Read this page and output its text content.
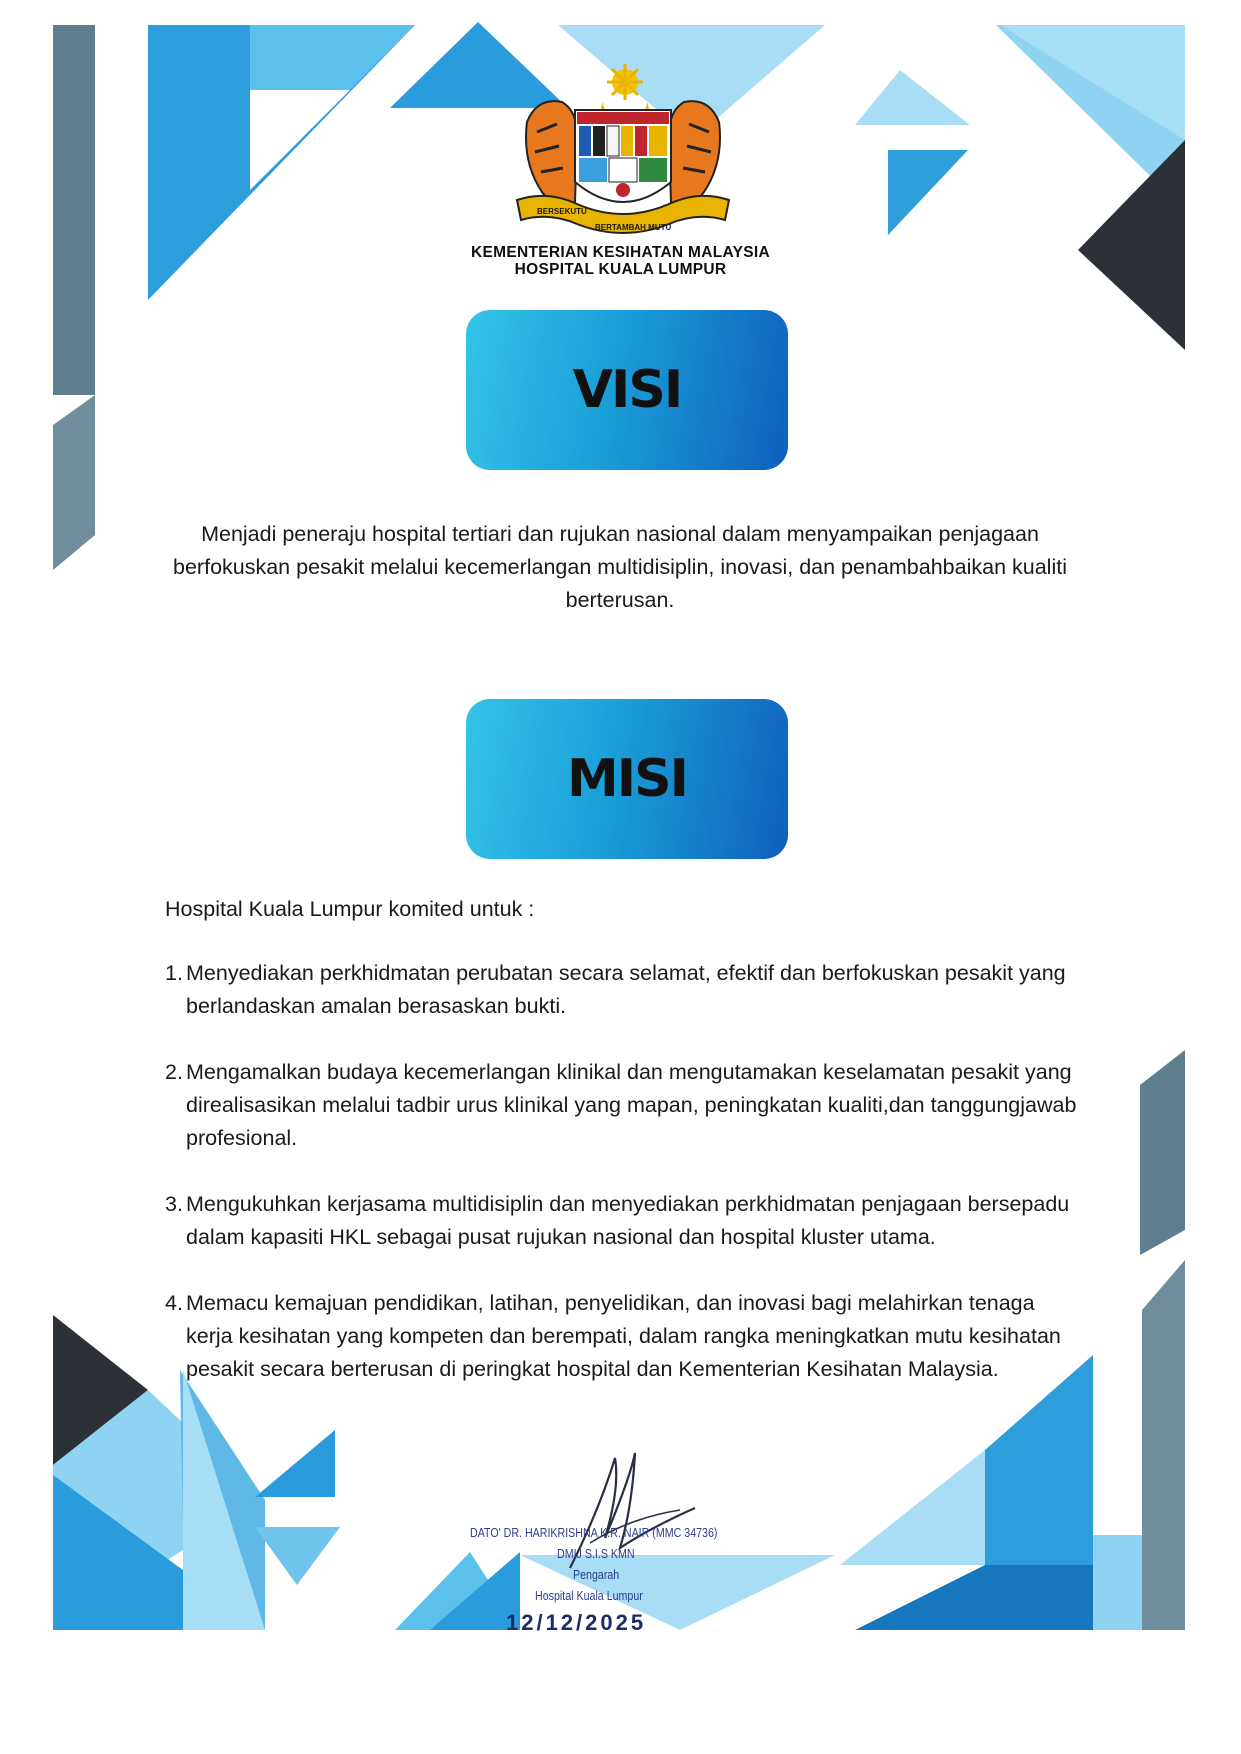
BERSEKUTU
BERTAMBAH MUTU
KEMENTERIAN KESIHATAN MALAYSIA
HOSPITAL KUALA LUMPUR
VISI

Menjadi peneraju hospital tertiari dan rujukan nasional dalam menyampaikan penjagaan berfokuskan pesakit melalui kecemerlangan multidisiplin, inovasi, dan penambahbaikan kualiti berterusan.

MISI

Hospital Kuala Lumpur komited untuk :

1. Menyediakan perkhidmatan perubatan secara selamat, efektif dan berfokuskan pesakit yang berlandaskan amalan berasaskan bukti.
2. Mengamalkan budaya kecemerlangan klinikal dan mengutamakan keselamatan pesakit yang direalisasikan melalui tadbir urus klinikal yang mapan, peningkatan kualiti,dan tanggungjawab profesional.
3. Mengukuhkan kerjasama multidisiplin dan menyediakan perkhidmatan penjagaan bersepadu dalam kapasiti HKL sebagai pusat rujukan nasional dan hospital kluster utama.
4. Memacu kemajuan pendidikan, latihan, penyelidikan, dan inovasi bagi melahirkan tenaga kerja kesihatan yang kompeten dan berempati, dalam rangka meningkatkan mutu kesihatan pesakit secara berterusan di peringkat hospital dan Kementerian Kesihatan Malaysia.
DATO' DR. HARIKRISHNA K.R. NAIR (MMC 34736)
DMIJ S.I.S KMN
Pengarah
Hospital Kuala Lumpur
12/12/2025
